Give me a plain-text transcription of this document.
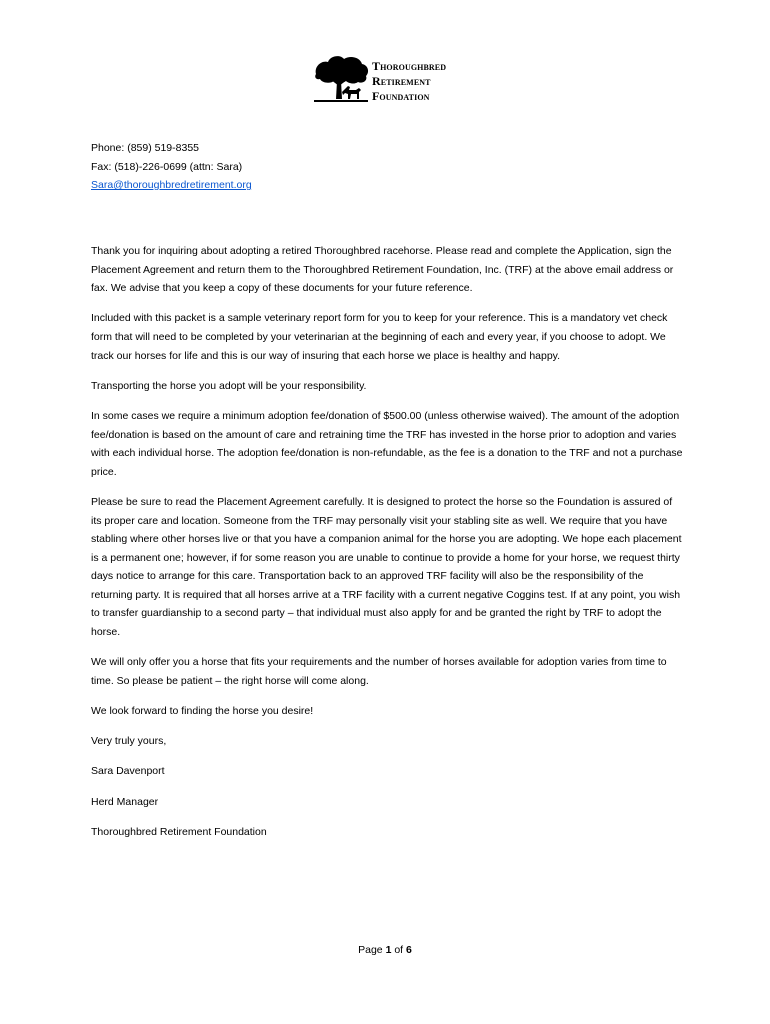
Thoroughbred
Retirement
Foundation
Phone: (859) 519-8355
Fax: (518)-226-0699 (attn: Sara)
Sara@thoroughbredretirement.org

Thank you for inquiring about adopting a retired Thoroughbred racehorse. Please read and complete the Application, sign the Placement Agreement and return them to the Thoroughbred Retirement Foundation, Inc. (TRF) at the above email address or fax. We advise that you keep a copy of these documents for your future reference.

Included with this packet is a sample veterinary report form for you to keep for your reference. This is a mandatory vet check form that will need to be completed by your veterinarian at the beginning of each and every year, if you choose to adopt. We track our horses for life and this is our way of insuring that each horse we place is healthy and happy.

Transporting the horse you adopt will be your responsibility.

In some cases we require a minimum adoption fee/donation of $500.00 (unless otherwise waived). The amount of the adoption fee/donation is based on the amount of care and retraining time the TRF has invested in the horse prior to adoption and varies with each individual horse. The adoption fee/donation is non-refundable, as the fee is a donation to the TRF and not a purchase price.

Please be sure to read the Placement Agreement carefully. It is designed to protect the horse so the Foundation is assured of its proper care and location. Someone from the TRF may personally visit your stabling site as well. We require that you have stabling where other horses live or that you have a companion animal for the horse you are adopting. We hope each placement is a permanent one; however, if for some reason you are unable to continue to provide a home for your horse, we request thirty days notice to arrange for this care. Transportation back to an approved TRF facility will also be the responsibility of the returning party. It is required that all horses arrive at a TRF facility with a current negative Coggins test. If at any point, you wish to transfer guardianship to a second party – that individual must also apply for and be granted the right by TRF to adopt the horse.

We will only offer you a horse that fits your requirements and the number of horses available for adoption varies from time to time. So please be patient – the right horse will come along.

We look forward to finding the horse you desire!

Very truly yours,

Sara Davenport

Herd Manager

Thoroughbred Retirement Foundation

Page 1 of 6
